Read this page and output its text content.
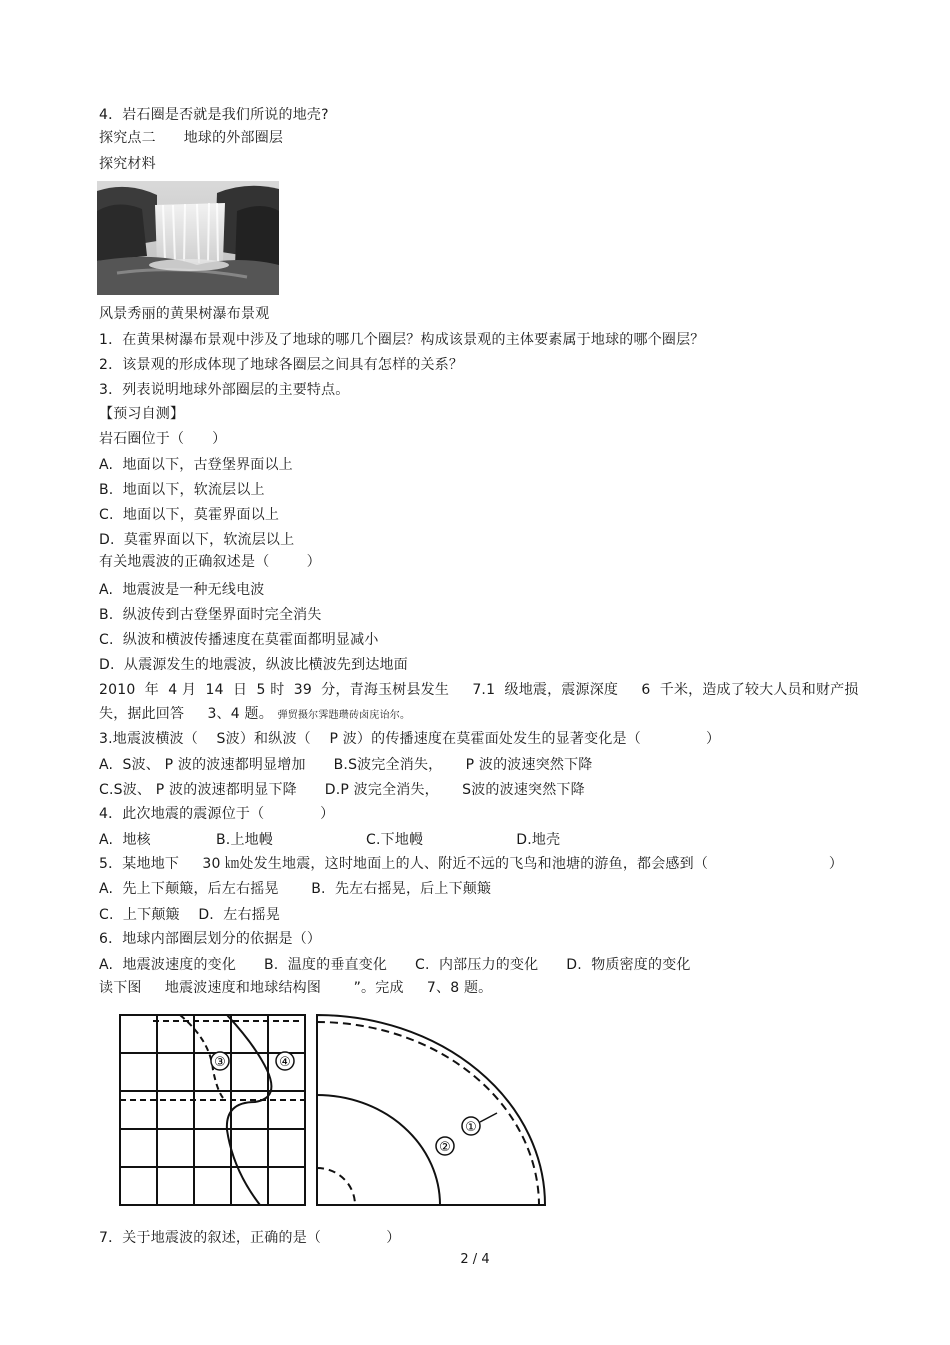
4．岩石圈是否就是我们所说的地壳?
探究点二      地球的外部圈层
探究材料
风景秀丽的黄果树瀑布景观
1．在黄果树瀑布景观中涉及了地球的哪几个圈层？构成该景观的主体要素属于地球的哪个圈层？
2．该景观的形成体现了地球各圈层之间具有怎样的关系？
3．列表说明地球外部圈层的主要特点。
【预习自测】
岩石圈位于（      ）
A.  地面以下，古登堡界面以上
B.  地面以下，软流层以上
C.  地面以下，莫霍界面以上
D.  莫霍界面以下，软流层以上
有关地震波的正确叙述是（        ）
A.  地震波是一种无线电波
B.  纵波传到古登堡界面时完全消失
C.  纵波和横波传播速度在莫霍面都明显减小
D.  从震源发生的地震波，纵波比横波先到达地面
2010  年  4 月  14  日  5 时  39  分，青海玉树县发生     7.1  级地震，震源深度     6  千米，造成了较大人员和财产损
失，据此回答     3、4 题。 弾贸摄尔霁韪瓒砖卤庑诒尔。
3.地震波横波（    S波）和纵波（    P 波）的传播速度在莫霍面处发生的显著变化是（              ）
A.  S波、 P 波的波速都明显增加      B.S波完全消失，     P 波的波速突然下降
C.S波、 P 波的波速都明显下降      D.P 波完全消失，     S波的波速突然下降
4．此次地震的震源位于（            ）
A.  地核              B.上地幔                    C.下地幔                    D.地壳
5．某地地下     30 ㎞处发生地震，这时地面上的人、附近不远的飞鸟和池塘的游鱼，都会感到（                          ）
A.  先上下颠簸，后左右摇晃       B.  先左右摇晃，后上下颠簸
C.  上下颠簸    D.  左右摇晃
6．地球内部圈层划分的依据是（）
A.  地震波速度的变化      B.  温度的垂直变化      C.  内部压力的变化      D.  物质密度的变化
读下图     地震波速度和地球结构图       ”。完成     7、8 题。
③	④
①
②
7．关于地震波的叙述，正确的是（              ）
2 / 4
